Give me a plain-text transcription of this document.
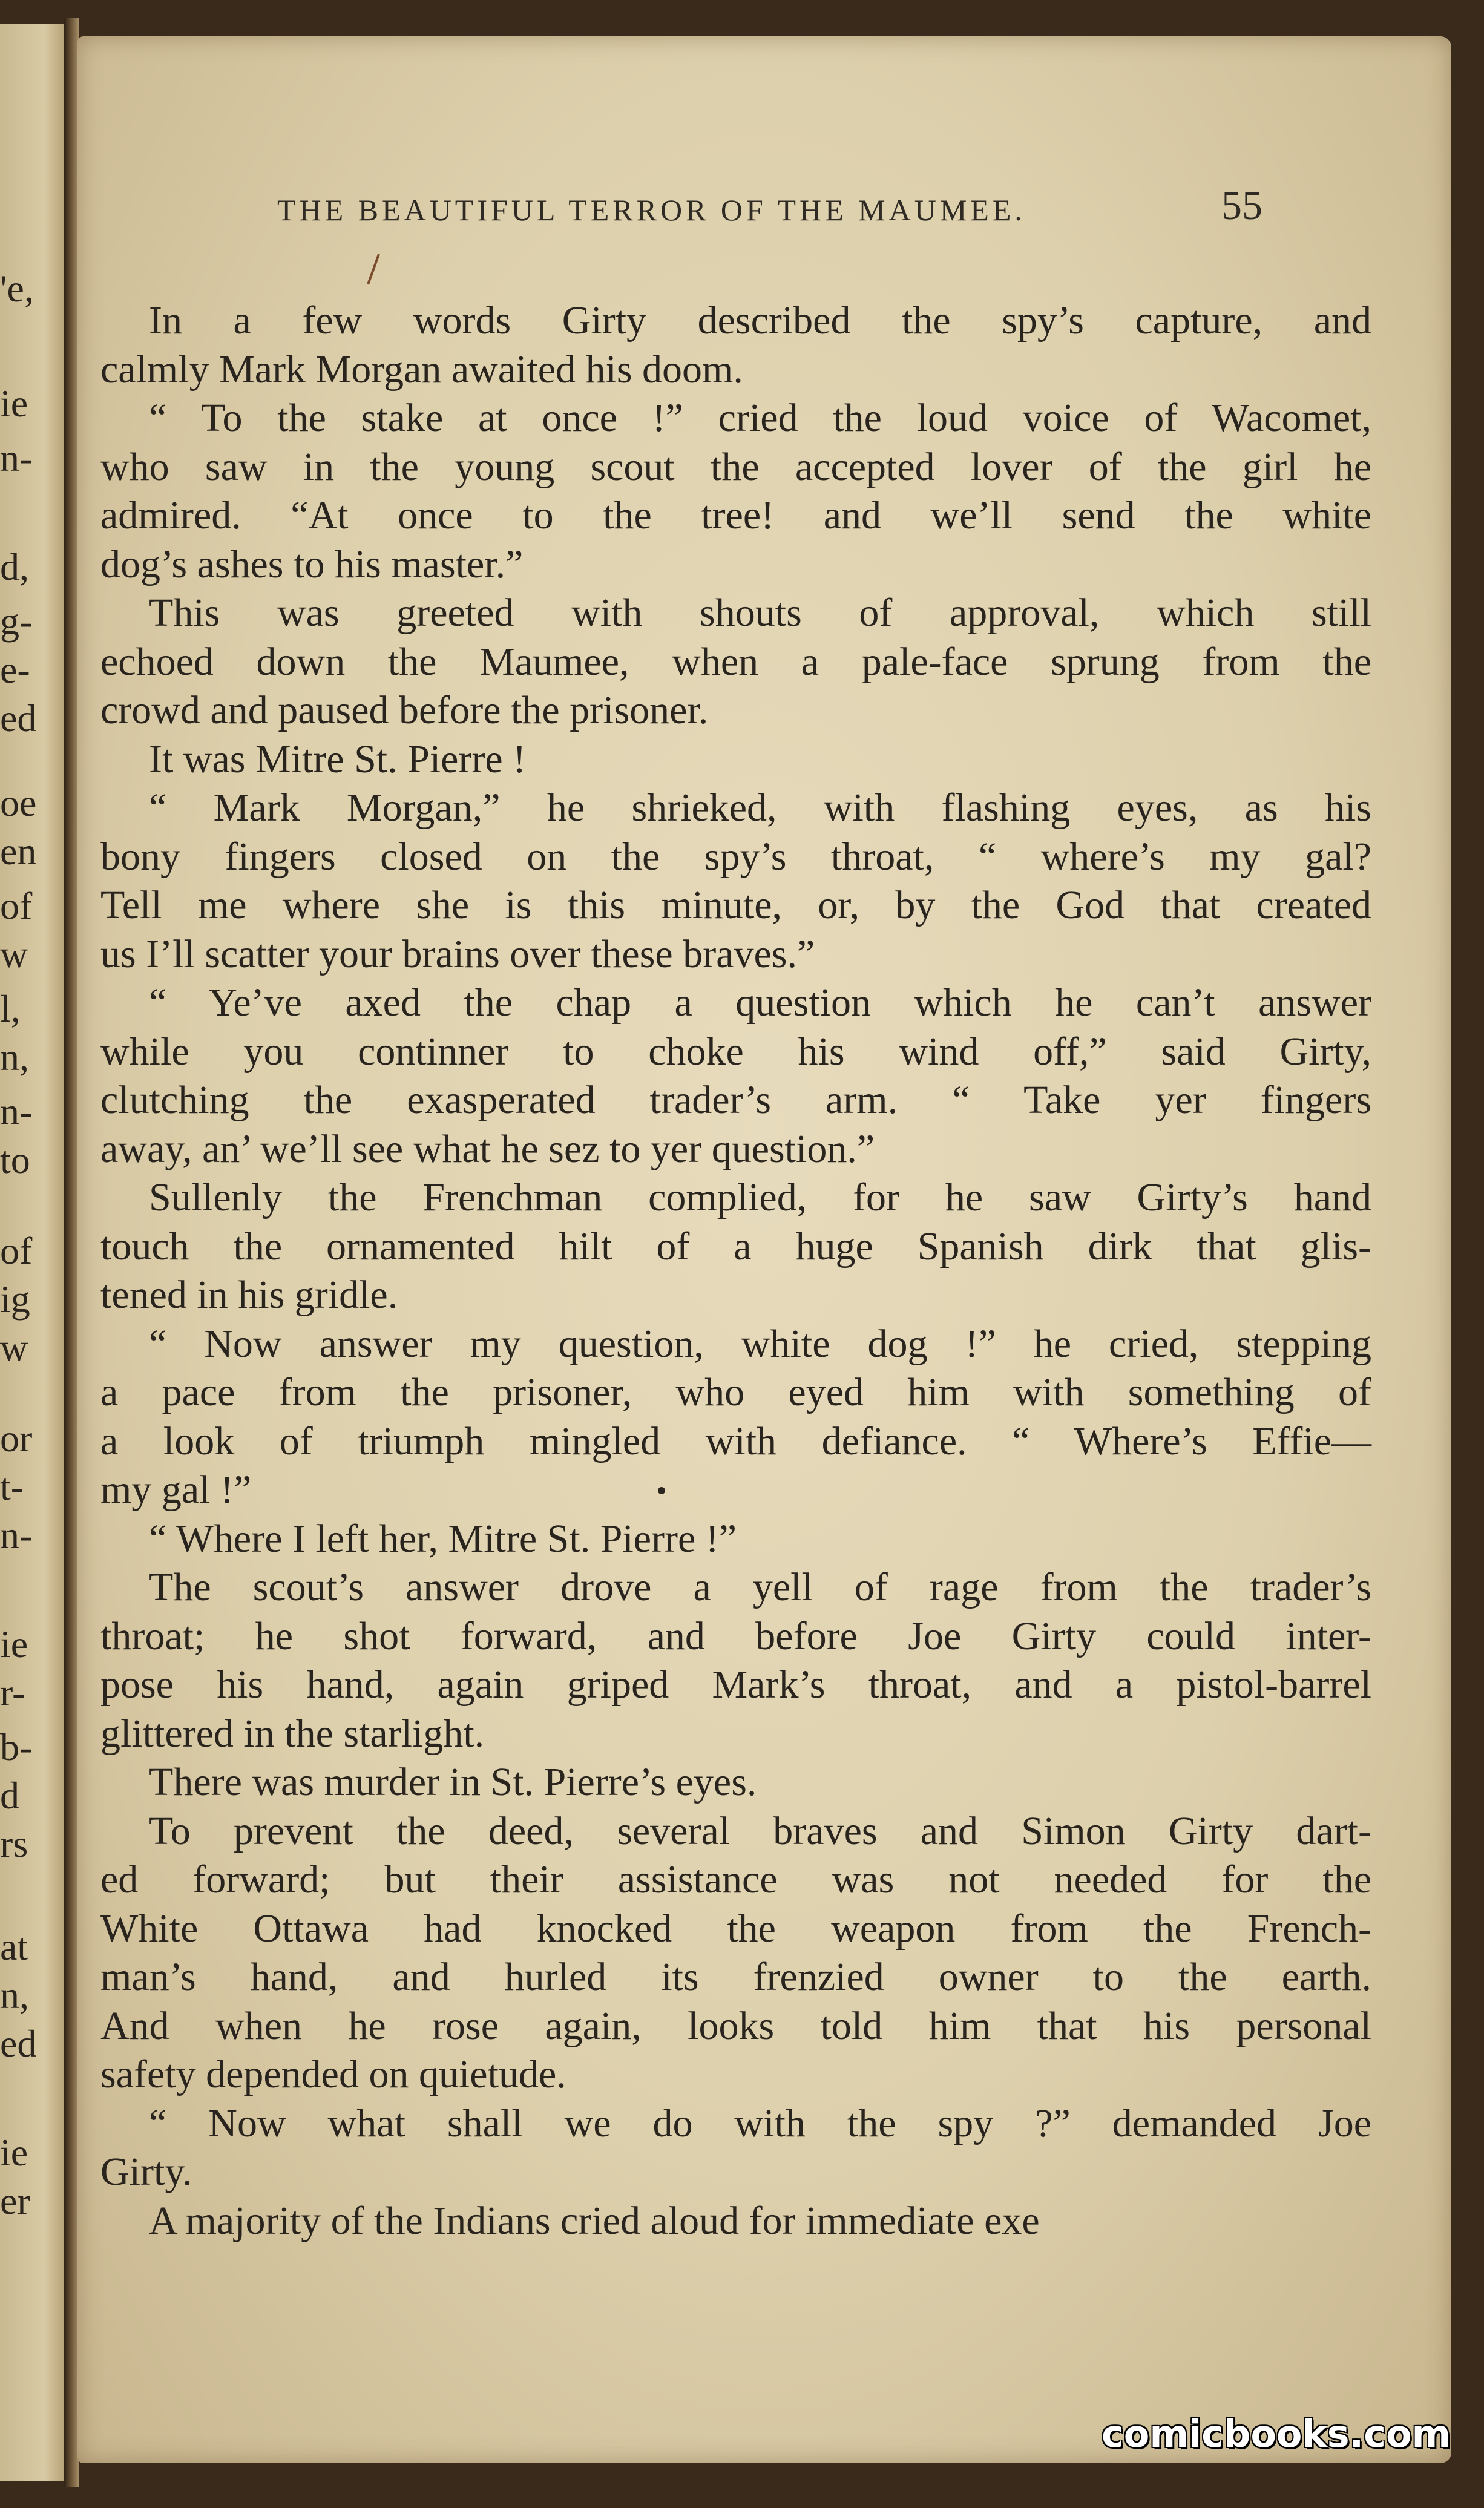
'e,
ie
n-
d,
g-
e-
ed
oe
en
of
w
l,
n,
n-
to
of
ig
w
or
t-
n-
ie
r-
b-
d
rs
at
n,
ed
ie
er
THE BEAUTIFUL TERROR OF THE MAUMEE.	55
In a few words Girty described the spy’s capture, and
calmly Mark Morgan awaited his doom.
“ To the stake at once !” cried the loud voice of Wacomet,
who saw in the young scout the accepted lover of the girl he
admired. “At once to the tree! and we’ll send the white
dog’s ashes to his master.”
This was greeted with shouts of approval, which still
echoed down the Maumee, when a pale-face sprung from the
crowd and paused before the prisoner.
It was Mitre St. Pierre !
“ Mark Morgan,” he shrieked, with flashing eyes, as his
bony fingers closed on the spy’s throat, “ where’s my gal?
Tell me where she is this minute, or, by the God that created
us I’ll scatter your brains over these braves.”
“ Ye’ve axed the chap a question which he can’t answer
while you continner to choke his wind off,” said Girty,
clutching the exasperated trader’s arm. “ Take yer fingers
away, an’ we’ll see what he sez to yer question.”
Sullenly the Frenchman complied, for he saw Girty’s hand
touch the ornamented hilt of a huge Spanish dirk that glis-
tened in his gridle.
“ Now answer my question, white dog !” he cried, stepping
a pace from the prisoner, who eyed him with something of
a look of triumph mingled with defiance. “ Where’s Effie—
my gal !”
“ Where I left her, Mitre St. Pierre !”
The scout’s answer drove a yell of rage from the trader’s
throat; he shot forward, and before Joe Girty could inter-
pose his hand, again griped Mark’s throat, and a pistol-barrel
glittered in the starlight.
There was murder in St. Pierre’s eyes.
To prevent the deed, several braves and Simon Girty dart-
ed forward; but their assistance was not needed for the
White Ottawa had knocked the weapon from the French-
man’s hand, and hurled its frenzied owner to the earth.
And when he rose again, looks told him that his personal
safety depended on quietude.
“ Now what shall we do with the spy ?” demanded Joe
Girty.
A majority of the Indians cried aloud for immediate exe
comicbooks.com
